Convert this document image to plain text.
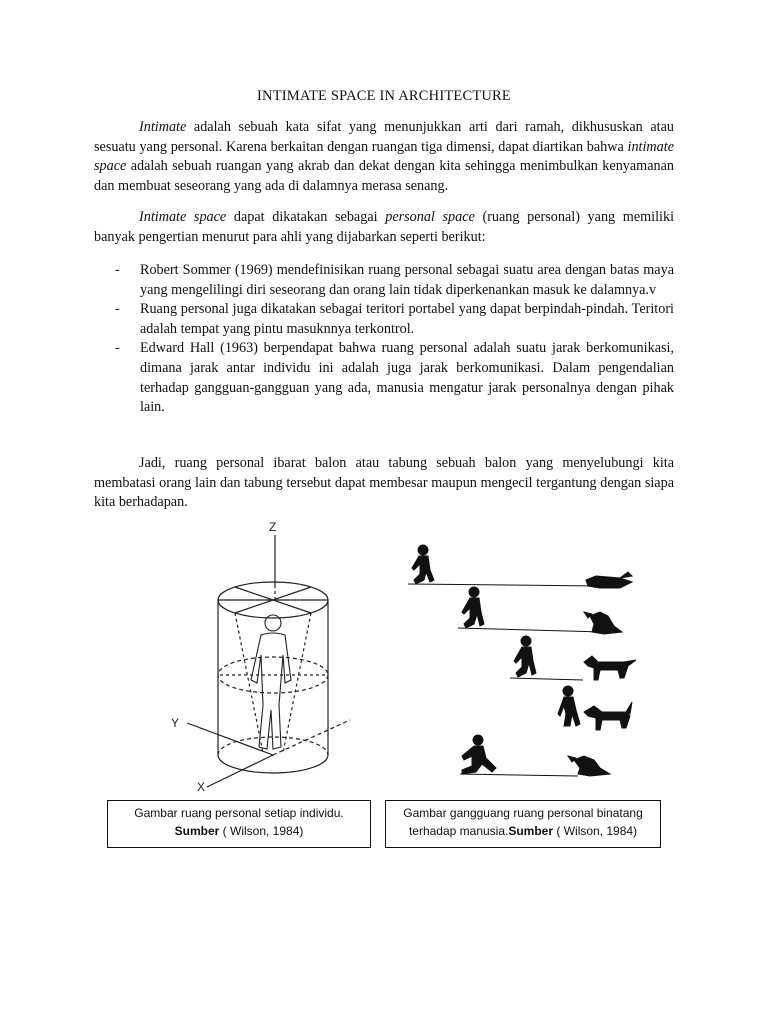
INTIMATE SPACE IN ARCHITECTURE

Intimate adalah sebuah kata sifat yang menunjukkan arti dari ramah, dikhususkan atau sesuatu yang personal. Karena berkaitan dengan ruangan tiga dimensi, dapat diartikan bahwa intimate space adalah sebuah ruangan yang akrab dan dekat dengan kita sehingga menimbulkan kenyamanan dan membuat seseorang yang ada di dalamnya merasa senang.

Intimate space dapat dikatakan sebagai personal space (ruang personal) yang memiliki banyak pengertian menurut para ahli yang dijabarkan seperti berikut:

- Robert Sommer (1969) mendefinisikan ruang personal sebagai suatu area dengan batas maya yang mengelilingi diri seseorang dan orang lain tidak diperkenankan masuk ke dalamnya.v
- Ruang personal juga dikatakan sebagai teritori portabel yang dapat berpindah-pindah. Teritori adalah tempat yang pintu masuknnya terkontrol.
- Edward Hall (1963) berpendapat bahwa ruang personal adalah suatu jarak berkomunikasi, dimana jarak antar individu ini adalah juga jarak berkomunikasi. Dalam pengendalian terhadap gangguan-gangguan yang ada, manusia mengatur jarak personalnya dengan pihak lain.

Jadi, ruang personal ibarat balon atau tabung sebuah balon yang menyelubungi kita membatasi orang lain dan tabung tersebut dapat membesar maupun mengecil tergantung dengan siapa kita berhadapan.

Z
Y
X
Gambar ruang personal setiap individu.
Sumber ( Wilson, 1984)
Gambar gangguang ruang personal binatang terhadap manusia.Sumber ( Wilson, 1984)
